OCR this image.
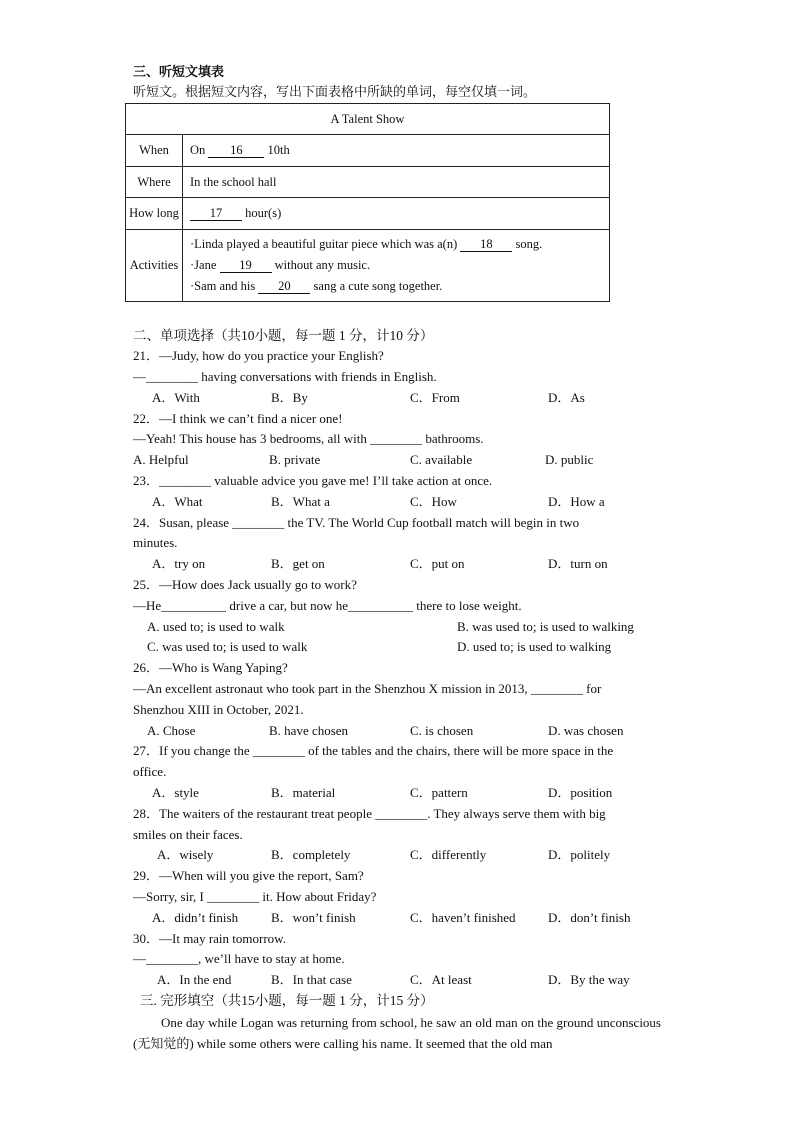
三、听短文填表
听短文。根据短文内容，写出下面表格中所缺的单词，每空仅填一词。
A Talent Show	
When	On 16 10th
Where	In the school hall
How long	17 hour(s)
Activities	·Linda played a beautiful guitar piece which was a(n) 18 song.
·Jane 19 without any music.
·Sam and his 20 sang a cute song together.
二、单项选择（共10小题，每一题 1 分，计10 分）
21．—Judy, how do you practice your English?
—________ having conversations with friends in English.
A．With	B．By	C．From	D．As
22．—I think we can’t find a nicer one!
—Yeah! This house has 3 bedrooms, all with ________ bathrooms.
A. Helpful	B. private	C. available	D. public
23．________ valuable advice you gave me! I’ll take action at once.
A．What	B．What a	C．How	D．How a
24．Susan, please ________ the TV. The World Cup football match will begin in two
minutes.
A．try on	B．get on	C．put on	D．turn on
25．—How does Jack usually go to work?
—He__________ drive a car, but now he__________ there to lose weight.
A. used to; is used to walk	B. was used to; is used to walking
C. was used to; is used to walk	D. used to; is used to walking
26．—Who is Wang Yaping?
—An excellent astronaut who took part in the Shenzhou X mission in 2013, ________ for
Shenzhou XIII in October, 2021.
A. Chose	B. have chosen	C. is chosen	D. was chosen
27．If you change the ________ of the tables and the chairs, there will be more space in the
office.
A．style	B．material	C．pattern	D．position
28．The waiters of the restaurant treat people ________. They always serve them with big
smiles on their faces.
A．wisely	B．completely	C．differently	D．politely
29．—When will you give the report, Sam?
—Sorry, sir, I ________ it. How about Friday?
A．didn’t finish	B．won’t finish	C．haven’t finished D．don’t finish
30．—It may rain tomorrow.
—________, we’ll have to stay at home.
A．In the end	B．In that case	C．At least	D．By the way
三. 完形填空（共15小题，每一题 1 分，计15 分）
One day while Logan was returning from school, he saw an old man on the ground unconscious (无知觉的) while some others were calling his name. It seemed that the old man
